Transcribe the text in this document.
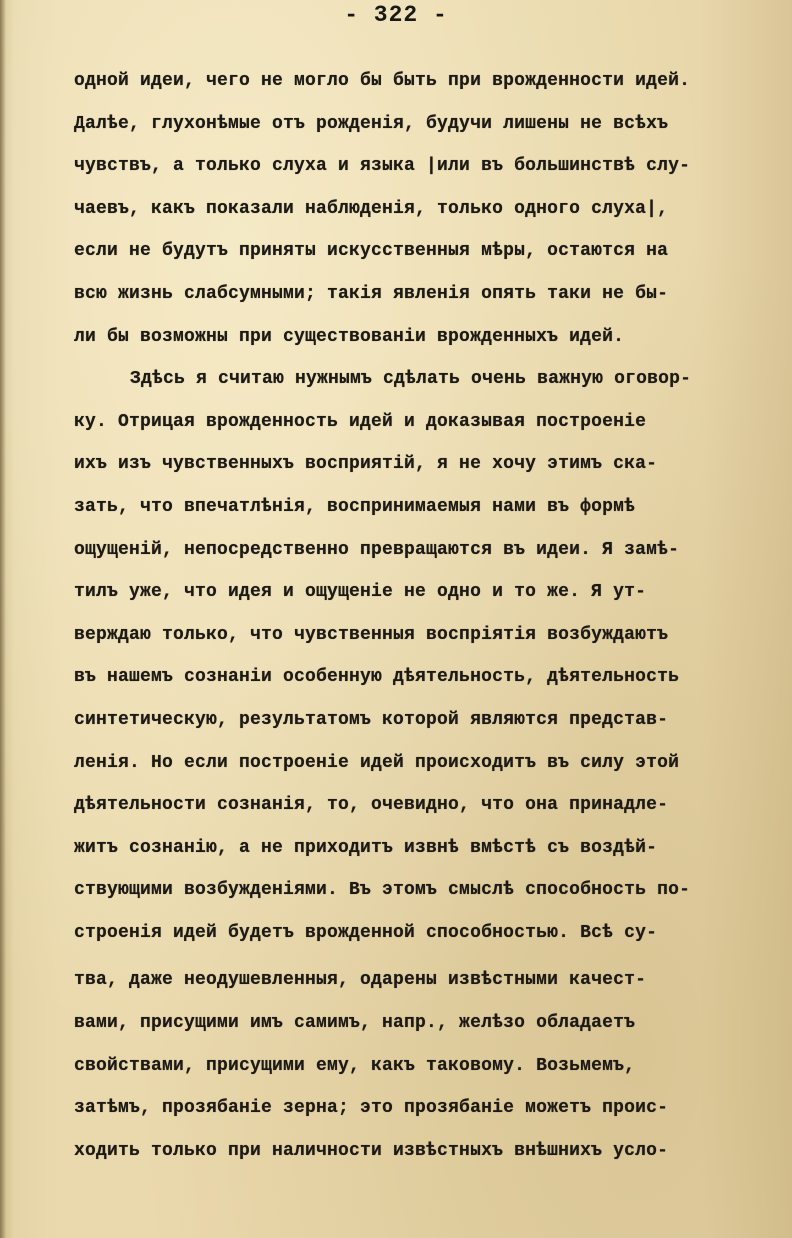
- 322 -
одной идеи, чего не могло бы быть при врожденности идей.
Далѣе, глухонѣмые отъ рожденія, будучи лишены не всѣхъ
чувствъ, а только слуха и языка |или въ большинствѣ слу-
чаевъ, какъ показали наблюденія, только одного слуха|,
если не будутъ приняты искусственныя мѣры, остаются на
всю жизнь слабсумными; такія явленія опять таки не бы-
ли бы возможны при существованіи врожденныхъ идей.
Здѣсь я считаю нужнымъ сдѣлать очень важную оговор-
ку. Отрицая врожденность идей и доказывая построеніе
ихъ изъ чувственныхъ восприятій, я не хочу этимъ ска-
зать, что впечатлѣнія, воспринимаемыя нами въ формѣ
ощущеній, непосредственно превращаются въ идеи. Я замѣ-
тилъ уже, что идея и ощущеніе не одно и то же. Я ут-
верждаю только, что чувственныя воспріятія возбуждаютъ
въ нашемъ сознаніи особенную дѣятельность, дѣятельность
синтетическую, результатомъ которой являются представ-
ленія. Но если построеніе идей происходитъ въ силу этой
дѣятельности сознанія, то, очевидно, что она принадле-
житъ сознанію, а не приходитъ извнѣ вмѣстѣ съ воздѣй-
ствующими возбужденіями. Въ этомъ смыслѣ способность по-
строенія идей будетъ врожденной способностью. Всѣ су-
тва, даже неодушевленныя, одарены извѣстными качест-
вами, присущими имъ самимъ, напр., желѣзо обладаетъ
свойствами, присущими ему, какъ таковому. Возьмемъ,
затѣмъ, прозябаніе зерна; это прозябаніе можетъ проис-
ходить только при наличности извѣстныхъ внѣшнихъ усло-
